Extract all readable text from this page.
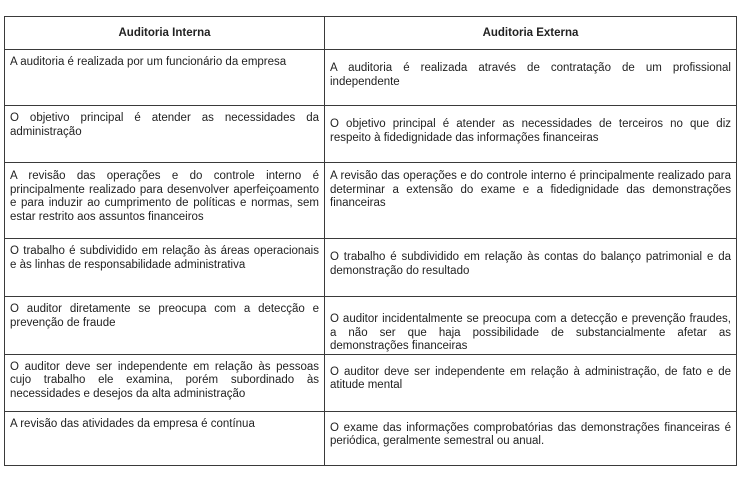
Auditoria Interna	Auditoria Externa

A auditoria é realizada por um funcionário da empresa	A auditoria é realizada através de contratação de um profissional independente

O objetivo principal é atender as necessidades da administração	O objetivo principal é atender as necessidades de terceiros no que diz respeito à fidedignidade das informações financeiras

A revisão das operações e do controle interno é principalmente realizado para desenvolver aperfeiçoamento e para induzir ao cumprimento de políticas e normas, sem estar restrito aos assuntos financeiros	A revisão das operações e do controle interno é principalmente realizado para determinar a extensão do exame e a fidedignidade das demonstrações financeiras

O trabalho é subdividido em relação às áreas operacionais e às linhas de responsabilidade administrativa	O trabalho é subdividido em relação às contas do balanço patrimonial e da demonstração do resultado

O auditor diretamente se preocupa com a detecção e prevenção de fraude	O auditor incidentalmente se preocupa com a detecção e prevenção fraudes, a não ser que haja possibilidade de substancialmente afetar as demonstrações financeiras

O auditor deve ser independente em relação às pessoas cujo trabalho ele examina, porém subordinado às necessidades e desejos da alta administração	O auditor deve ser independente em relação à administração, de fato e de atitude mental

A revisão das atividades da empresa é contínua	O exame das informações comprobatórias das demonstrações financeiras é periódica, geralmente semestral ou anual.
